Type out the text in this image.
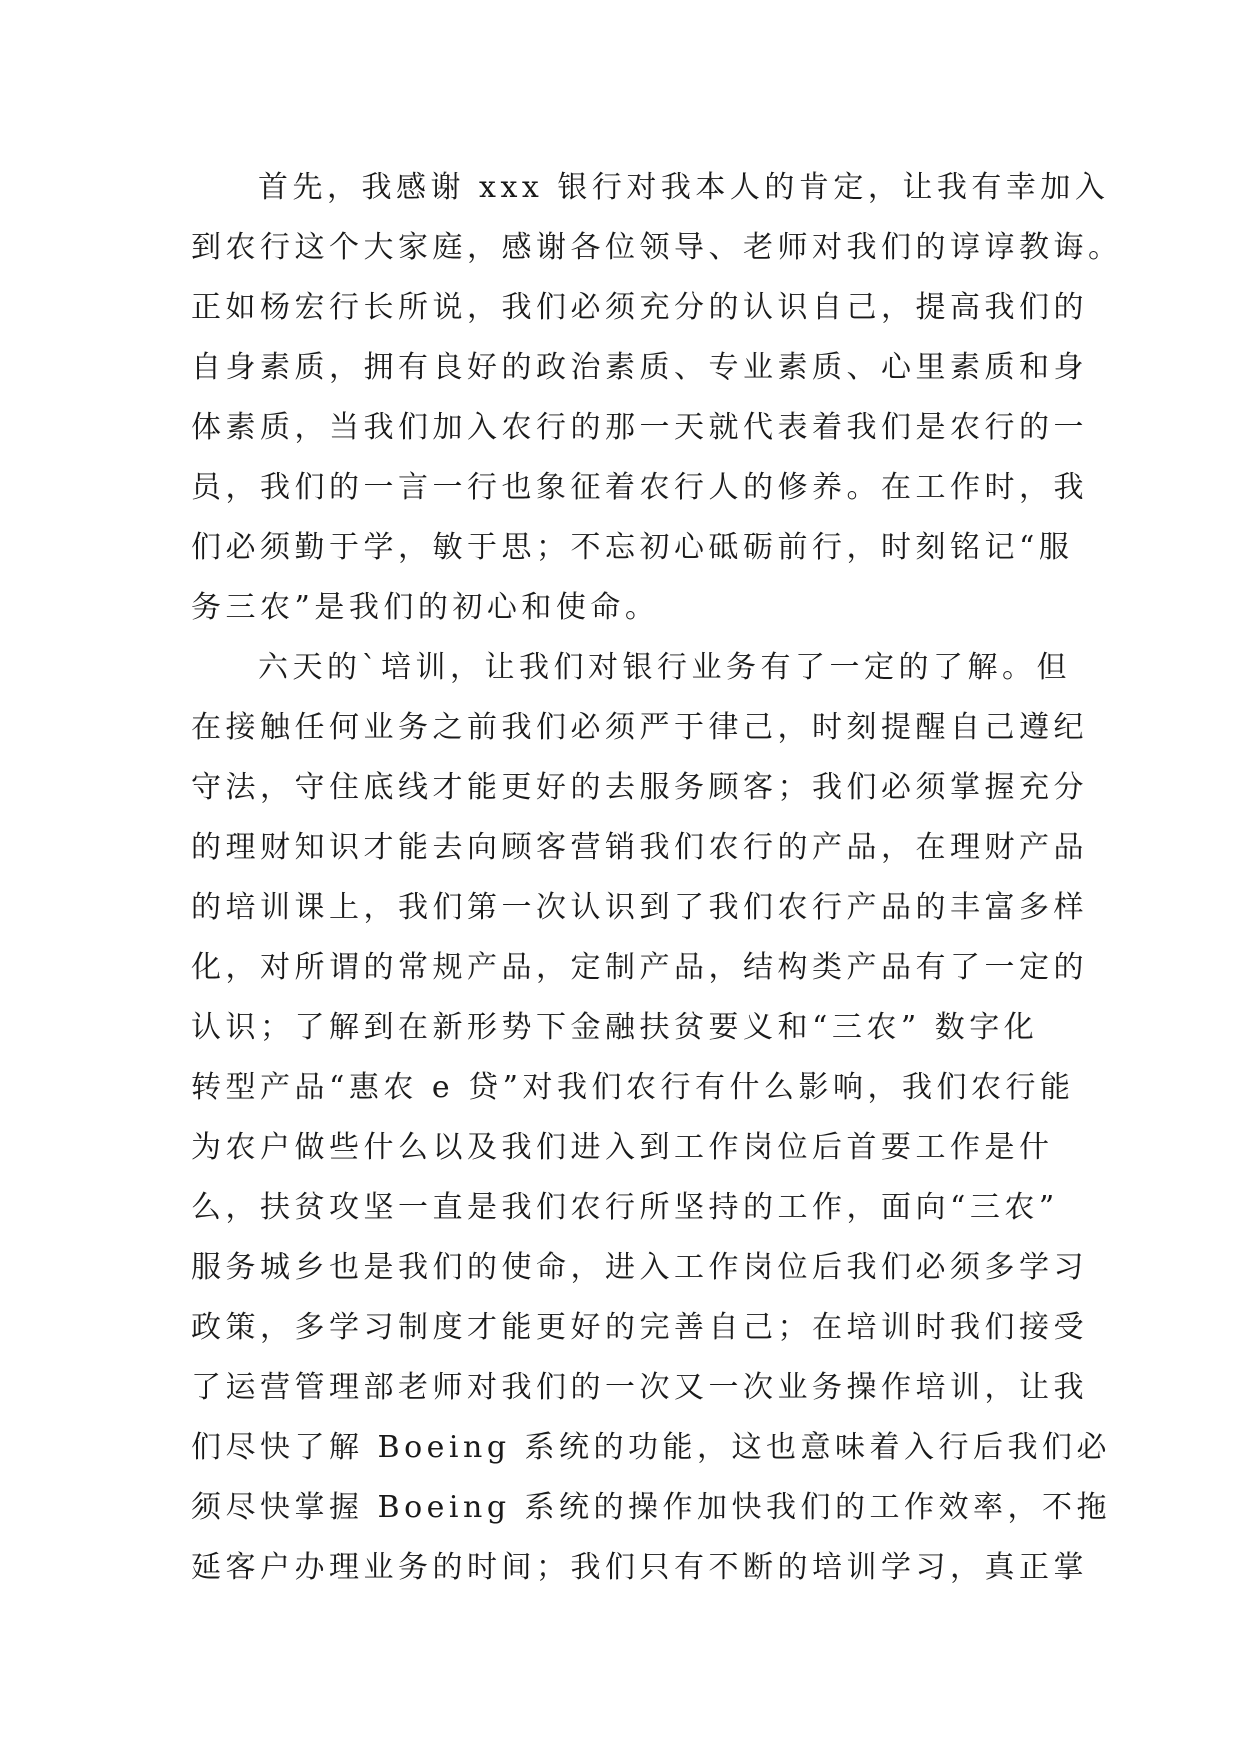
首先，我感谢 xxx 银行对我本人的肯定，让我有幸加入
到农行这个大家庭，感谢各位领导、老师对我们的谆谆教诲。
正如杨宏行长所说，我们必须充分的认识自己，提高我们的
自身素质，拥有良好的政治素质、专业素质、心里素质和身
体素质，当我们加入农行的那一天就代表着我们是农行的一
员，我们的一言一行也象征着农行人的修养。在工作时，我
们必须勤于学，敏于思；不忘初心砥砺前行，时刻铭记“服
务三农”是我们的初心和使命。
六天的`培训，让我们对银行业务有了一定的了解。但
在接触任何业务之前我们必须严于律己，时刻提醒自己遵纪
守法，守住底线才能更好的去服务顾客；我们必须掌握充分
的理财知识才能去向顾客营销我们农行的产品，在理财产品
的培训课上，我们第一次认识到了我们农行产品的丰富多样
化，对所谓的常规产品，定制产品，结构类产品有了一定的
认识；了解到在新形势下金融扶贫要义和“三农” 数字化
转型产品“惠农 e 贷”对我们农行有什么影响，我们农行能
为农户做些什么以及我们进入到工作岗位后首要工作是什
么，扶贫攻坚一直是我们农行所坚持的工作，面向“三农”
服务城乡也是我们的使命，进入工作岗位后我们必须多学习
政策，多学习制度才能更好的完善自己；在培训时我们接受
了运营管理部老师对我们的一次又一次业务操作培训，让我
们尽快了解 Boeing 系统的功能，这也意味着入行后我们必
须尽快掌握 Boeing 系统的操作加快我们的工作效率，不拖
延客户办理业务的时间；我们只有不断的培训学习，真正掌
